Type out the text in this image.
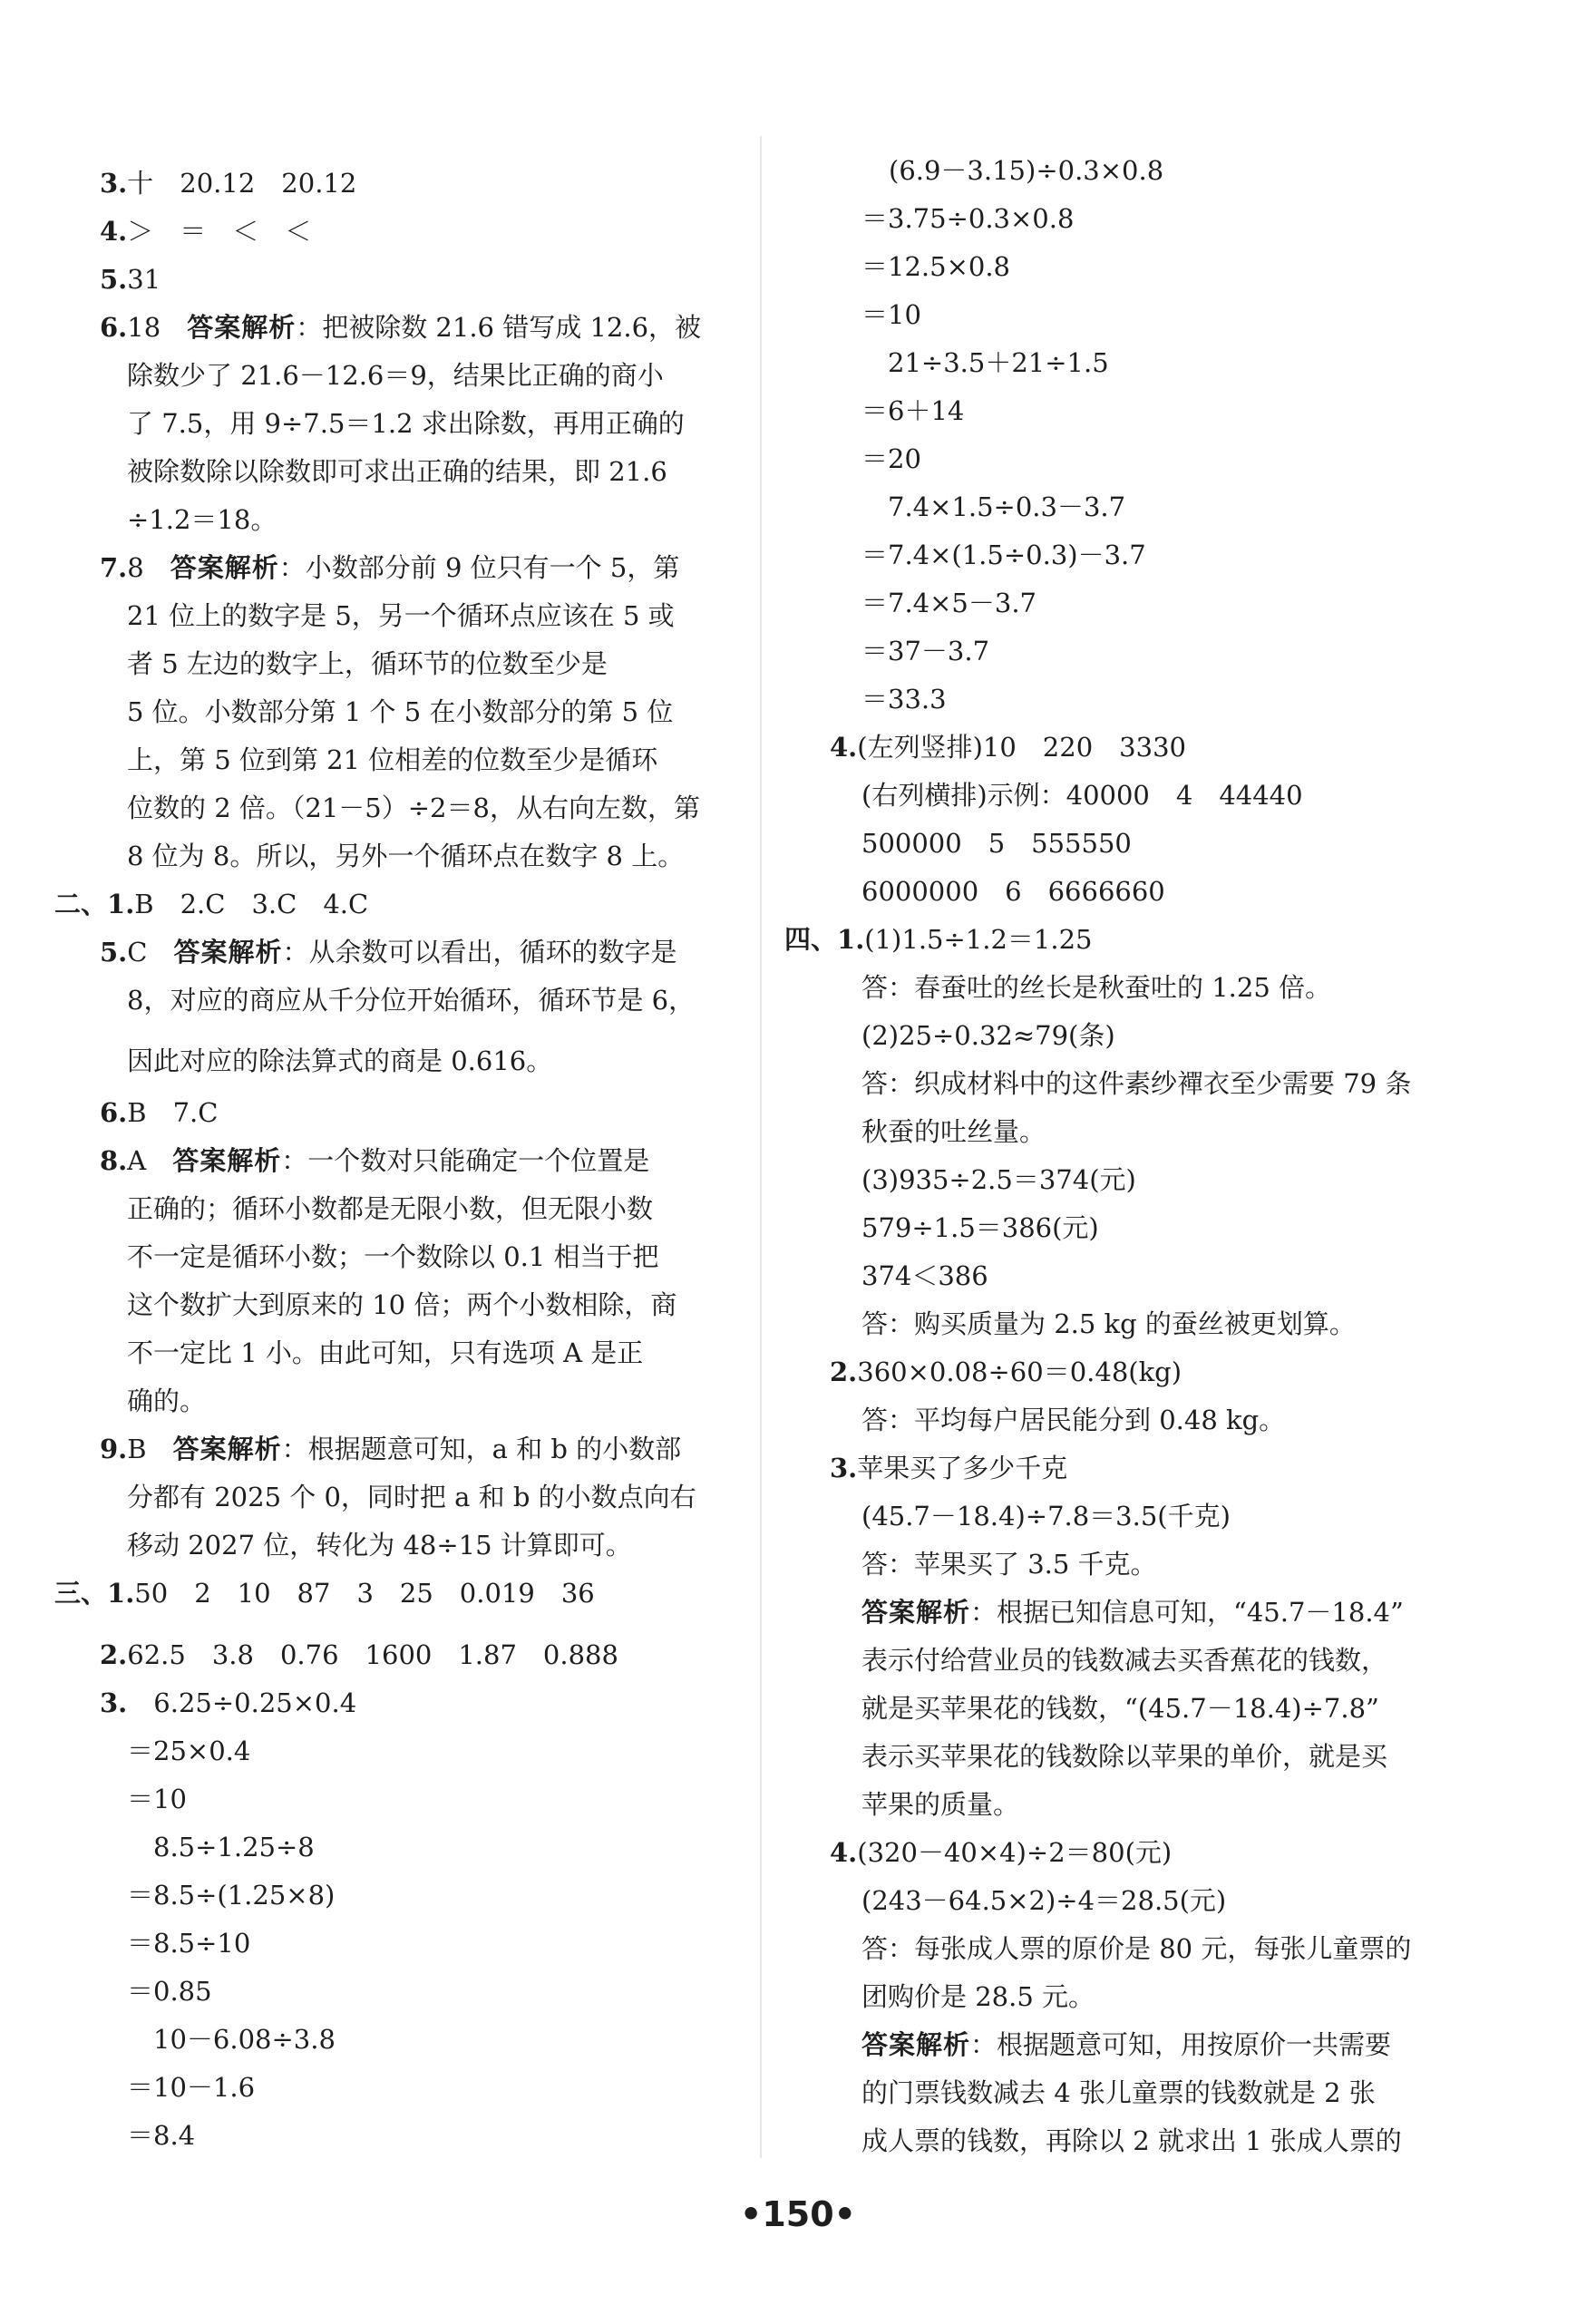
3.十　20.12　20.12
4.＞　＝　＜　＜
5.31
6.18　 答案解析：把被除数 21.6 错写成 12.6，被
除数少了 21.6－12.6＝9，结果比正确的商小
了 7.5，用 9÷7.5＝1.2 求出除数，再用正确的
被除数除以除数即可求出正确的结果，即 21.6
÷1.2＝18。
7.8　 答案解析：小数部分前 9 位只有一个 5，第
21 位上的数字是 5，另一个循环点应该在 5 或
者 5 左边的数字上，循环节的位数至少是
5 位。小数部分第 1 个 5 在小数部分的第 5 位
上，第 5 位到第 21 位相差的位数至少是循环
位数的 2 倍。（21－5）÷2＝8，从右向左数，第
8 位为 8。所以，另外一个循环点在数字 8 上。
二、1.B　2.C　3.C　4.C
5.C　 答案解析：从余数可以看出，循环的数字是
8，对应的商应从千分位开始循环，循环节是 6，
因此对应的除法算式的商是 0.616。
6.B　7.C
8.A　 答案解析：一个数对只能确定一个位置是
正确的；循环小数都是无限小数，但无限小数
不一定是循环小数；一个数除以 0.1 相当于把
这个数扩大到原来的 10 倍；两个小数相除，商
不一定比 1 小。由此可知，只有选项 A 是正
确的。
9.B　 答案解析：根据题意可知，a 和 b 的小数部
分都有 2025 个 0，同时把 a 和 b 的小数点向右
移动 2027 位，转化为 48÷15 计算即可。
三、1.50　2　10　87　3　25　0.019　36
2.62.5　3.8　0.76　1600　1.87　0.888
3.　 6.25÷0.25×0.4
＝25×0.4
＝10
　8.5÷1.25÷8
＝8.5÷(1.25×8)
＝8.5÷10
＝0.85
　10－6.08÷3.8
＝10－1.6
＝8.4
(6.9－3.15)÷0.3×0.8
＝3.75÷0.3×0.8
＝12.5×0.8
＝10
　21÷3.5＋21÷1.5
＝6＋14
＝20
　7.4×1.5÷0.3－3.7
＝7.4×(1.5÷0.3)－3.7
＝7.4×5－3.7
＝37－3.7
＝33.3
4.(左列竖排)10　220　3330
(右列横排)示例：40000　4　44440
500000　5　555550
6000000　6　6666660
四、1.(1)1.5÷1.2＝1.25
答：春蚕吐的丝长是秋蚕吐的 1.25 倍。
(2)25÷0.32≈79(条)
答：织成材料中的这件素纱襌衣至少需要 79 条
秋蚕的吐丝量。
(3)935÷2.5＝374(元)
579÷1.5＝386(元)
374＜386
答：购买质量为 2.5 kg 的蚕丝被更划算。
2.360×0.08÷60＝0.48(kg)
答：平均每户居民能分到 0.48 kg。
3.苹果买了多少千克
(45.7－18.4)÷7.8＝3.5(千克)
答：苹果买了 3.5 千克。
答案解析：根据已知信息可知，“45.7－18.4”
表示付给营业员的钱数减去买香蕉花的钱数，
就是买苹果花的钱数，“(45.7－18.4)÷7.8”
表示买苹果花的钱数除以苹果的单价，就是买
苹果的质量。
4.(320－40×4)÷2＝80(元)
(243－64.5×2)÷4＝28.5(元)
答：每张成人票的原价是 80 元，每张儿童票的
团购价是 28.5 元。
答案解析：根据题意可知，用按原价一共需要
的门票钱数减去 4 张儿童票的钱数就是 2 张
成人票的钱数，再除以 2 就求出 1 张成人票的
•150•
